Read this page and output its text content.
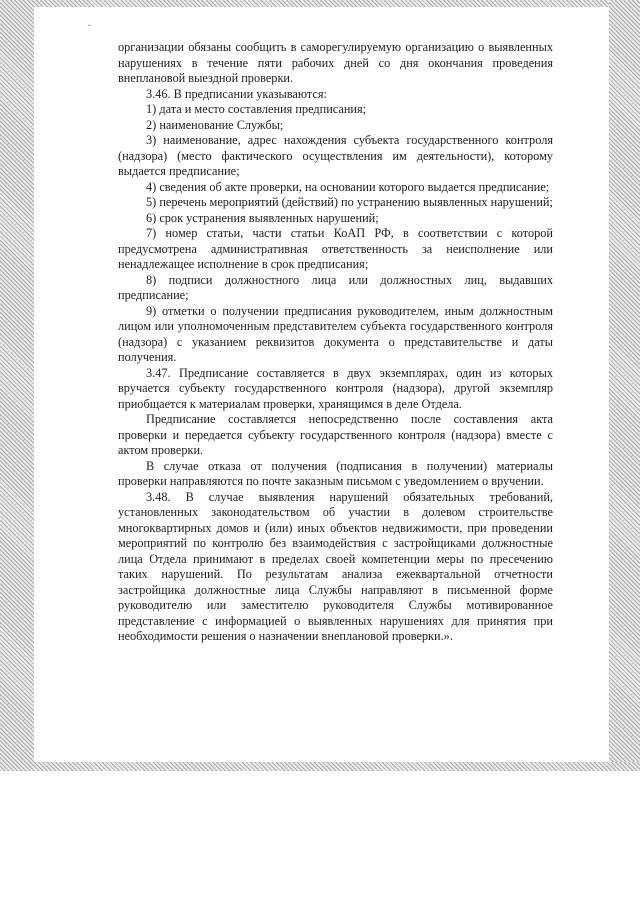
-

организации обязаны сообщить в саморегулируемую организацию о выявленных нарушениях в течение пяти рабочих дней со дня окончания проведения внеплановой выездной проверки.

3.46. В предписании указываются:

1) дата и место составления предписания;

2) наименование Службы;

3) наименование, адрес нахождения субъекта государственного контроля (надзора) (место фактического осуществления им деятельности), которому выдается предписание;

4) сведения об акте проверки, на основании которого выдается предписание;

5) перечень мероприятий (действий) по устранению выявленных нарушений;

6) срок устранения выявленных нарушений;

7) номер статьи, части статьи КоАП РФ, в соответствии с которой предусмотрена административная ответственность за неисполнение или ненадлежащее исполнение в срок предписания;

8) подписи должностного лица или должностных лиц, выдавших предписание;

9) отметки о получении предписания руководителем, иным должностным лицом или уполномоченным представителем субъекта государственного контроля (надзора) с указанием реквизитов документа о представительстве и даты получения.

3.47. Предписание составляется в двух экземплярах, один из которых вручается субъекту государственного контроля (надзора), другой экземпляр приобщается к материалам проверки, хранящимся в деле Отдела.

Предписание составляется непосредственно после составления акта проверки и передается субъекту государственного контроля (надзора) вместе с актом проверки.

В случае отказа от получения (подписания в получении) материалы проверки направляются по почте заказным письмом с уведомлением о вручении.

3.48. В случае выявления нарушений обязательных требований, установленных законодательством об участии в долевом строительстве многоквартирных домов и (или) иных объектов недвижимости, при проведении мероприятий по контролю без взаимодействия с застройщиками должностные лица Отдела принимают в пределах своей компетенции меры по пресечению таких нарушений. По результатам анализа ежеквартальной отчетности застройщика должностные лица Службы направляют в письменной форме руководителю или заместителю руководителя Службы мотивированное представление с информацией о выявленных нарушениях для принятия при необходимости решения о назначении внеплановой проверки.».
